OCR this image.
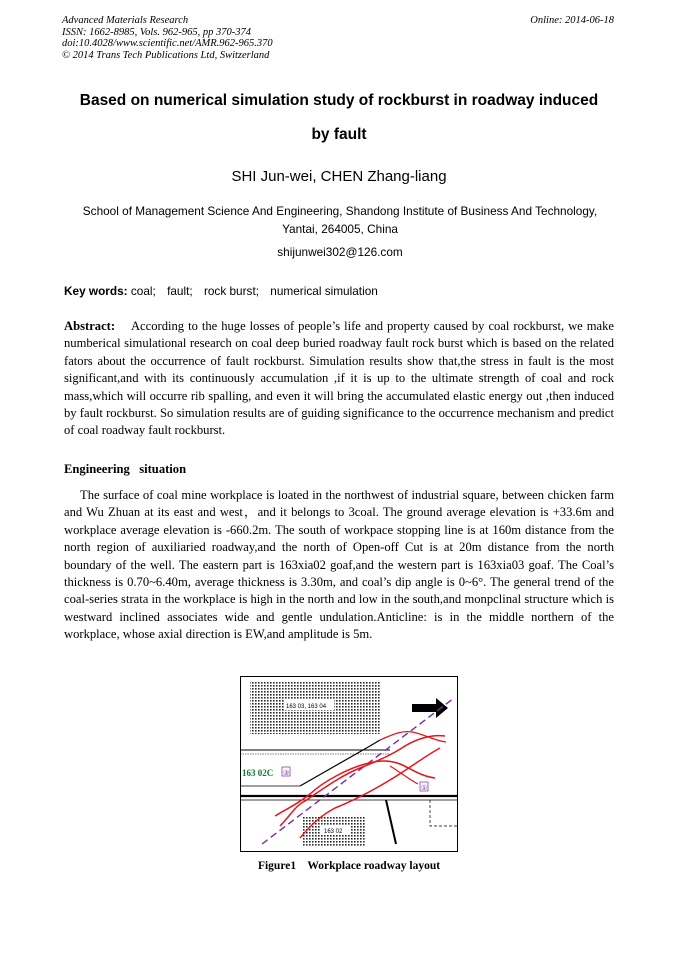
Advanced Materials Research
ISSN: 1662-8985, Vols. 962-965, pp 370-374
doi:10.4028/www.scientific.net/AMR.962-965.370
© 2014 Trans Tech Publications Ltd, Switzerland
Online: 2014-06-18
Based on numerical simulation study of rockburst in roadway induced
by fault
SHI Jun-wei, CHEN Zhang-liang
School of Management Science And Engineering, Shandong Institute of Business And Technology,
Yantai, 264005, China
shijunwei302@126.com
Key words: coal; fault; rock burst; numerical simulation
Abstract: According to the huge losses of people’s life and property caused by coal rockburst, we make numberical simulational research on coal deep buried roadway fault rock burst which is based on the related fators about the occurrence of fault rockburst. Simulation results show that,the stress in fault is the most significant,and with its continuously accumulation ,if it is up to the ultimate strength of coal and rock mass,which will occurre rib spalling, and even it will bring the accumulated elastic energy out ,then induced by fault rockburst. So simulation results are of guiding significance to the occurrence mechanism and predict of coal roadway fault rockburst.
Engineering   situation
The surface of coal mine workplace is loated in the northwest of industrial square, between chicken farm and Wu Zhuan at its east and west，and it belongs to 3coal. The ground average elevation is +33.6m and workplace average elevation is -660.2m. The south of workpace stopping line is at 160m distance from the north region of auxiliaried roadway,and the north of Open-off Cut is at 20m distance from the north boundary of the well. The eastern part is 163xia02 goaf,and the western part is 163xia03 goaf. The Coal’s thickness is 0.70~6.40m, average thickness is 3.30m, and coal’s dip angle is 0~6°. The general trend of the coal-series strata in the workplace is high in the north and low in the south,and monpclinal structure which is westward inclined associates wide and gentle undulation.Anticline: is in the middle northern of the workplace, whose axial direction is EW,and amplitude is 5m.
163 03, 163 04
163 02
163 02C ③
①
Figure1    Workplace roadway layout
